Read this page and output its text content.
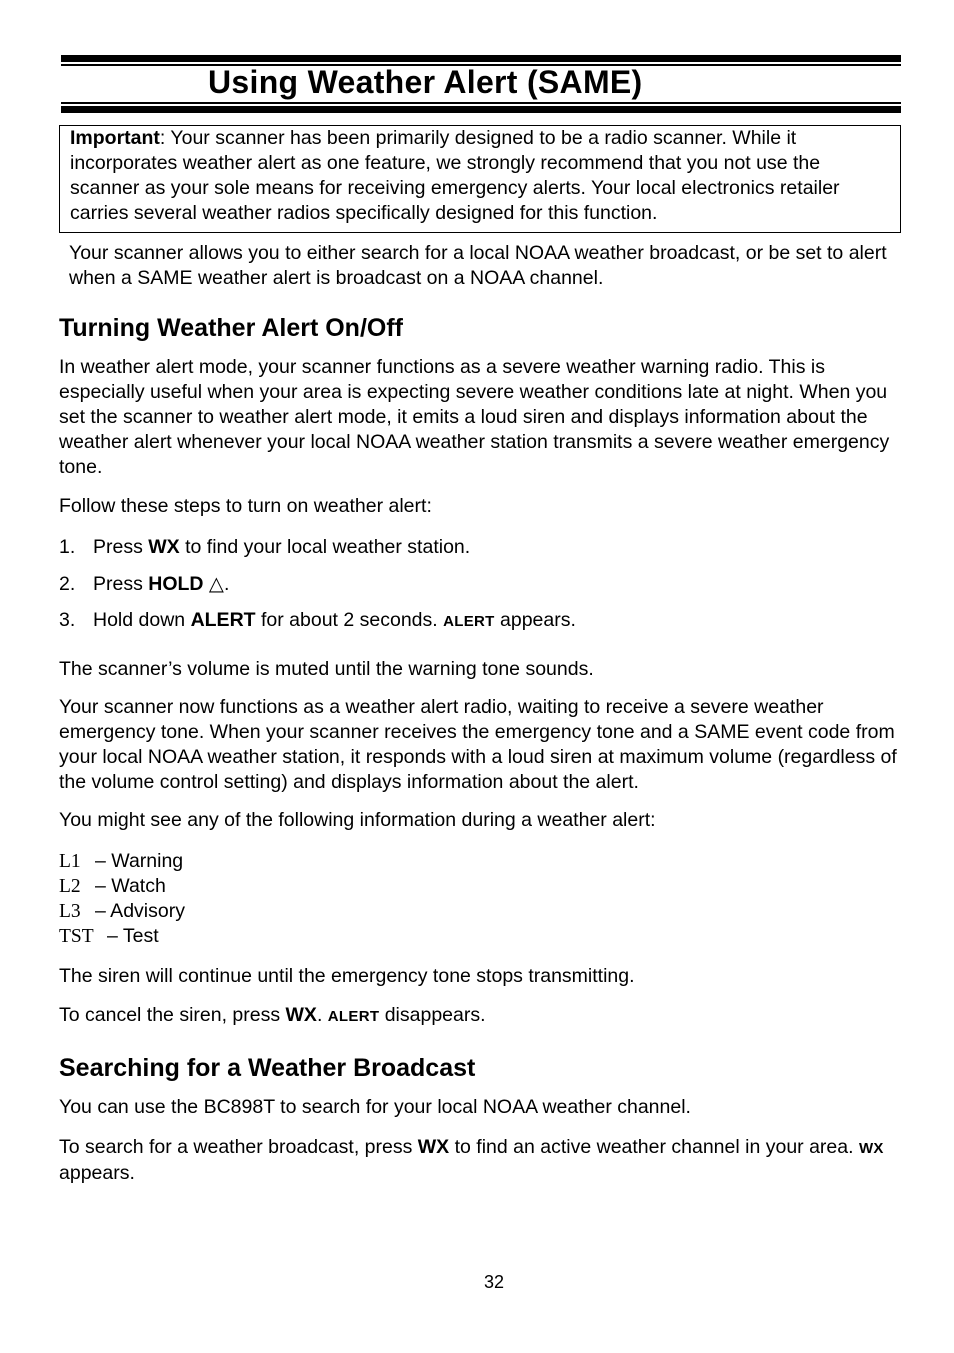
Using Weather Alert (SAME)
Important: Your scanner has been primarily designed to be a radio scanner. While it incorporates weather alert as one feature, we strongly recommend that you not use the scanner as your sole means for receiving emergency alerts. Your local electronics retailer carries several weather radios specifically designed for this function.

Your scanner allows you to either search for a local NOAA weather broadcast, or be set to alert when a SAME weather alert is broadcast on a NOAA channel.

Turning Weather Alert On/Off

In weather alert mode, your scanner functions as a severe weather warning radio. This is especially useful when your area is expecting severe weather conditions late at night. When you set the scanner to weather alert mode, it emits a loud siren and displays information about the weather alert whenever your local NOAA weather station transmits a severe weather emergency tone.

Follow these steps to turn on weather alert:

1. Press WX to find your local weather station.
2. Press HOLD △.
3. Hold down ALERT for about 2 seconds. ALERT appears.

The scanner’s volume is muted until the warning tone sounds.

Your scanner now functions as a weather alert radio, waiting to receive a severe weather emergency tone. When your scanner receives the emergency tone and a SAME event code from your local NOAA weather station, it responds with a loud siren at maximum volume (regardless of the volume control setting) and displays information about the alert.

You might see any of the following information during a weather alert:

L1 – Warning
L2 – Watch
L3 – Advisory
TST – Test

The siren will continue until the emergency tone stops transmitting.

To cancel the siren, press WX. ALERT disappears.

Searching for a Weather Broadcast

You can use the BC898T to search for your local NOAA weather channel.

To search for a weather broadcast, press WX to find an active weather channel in your area. WX appears.

32
